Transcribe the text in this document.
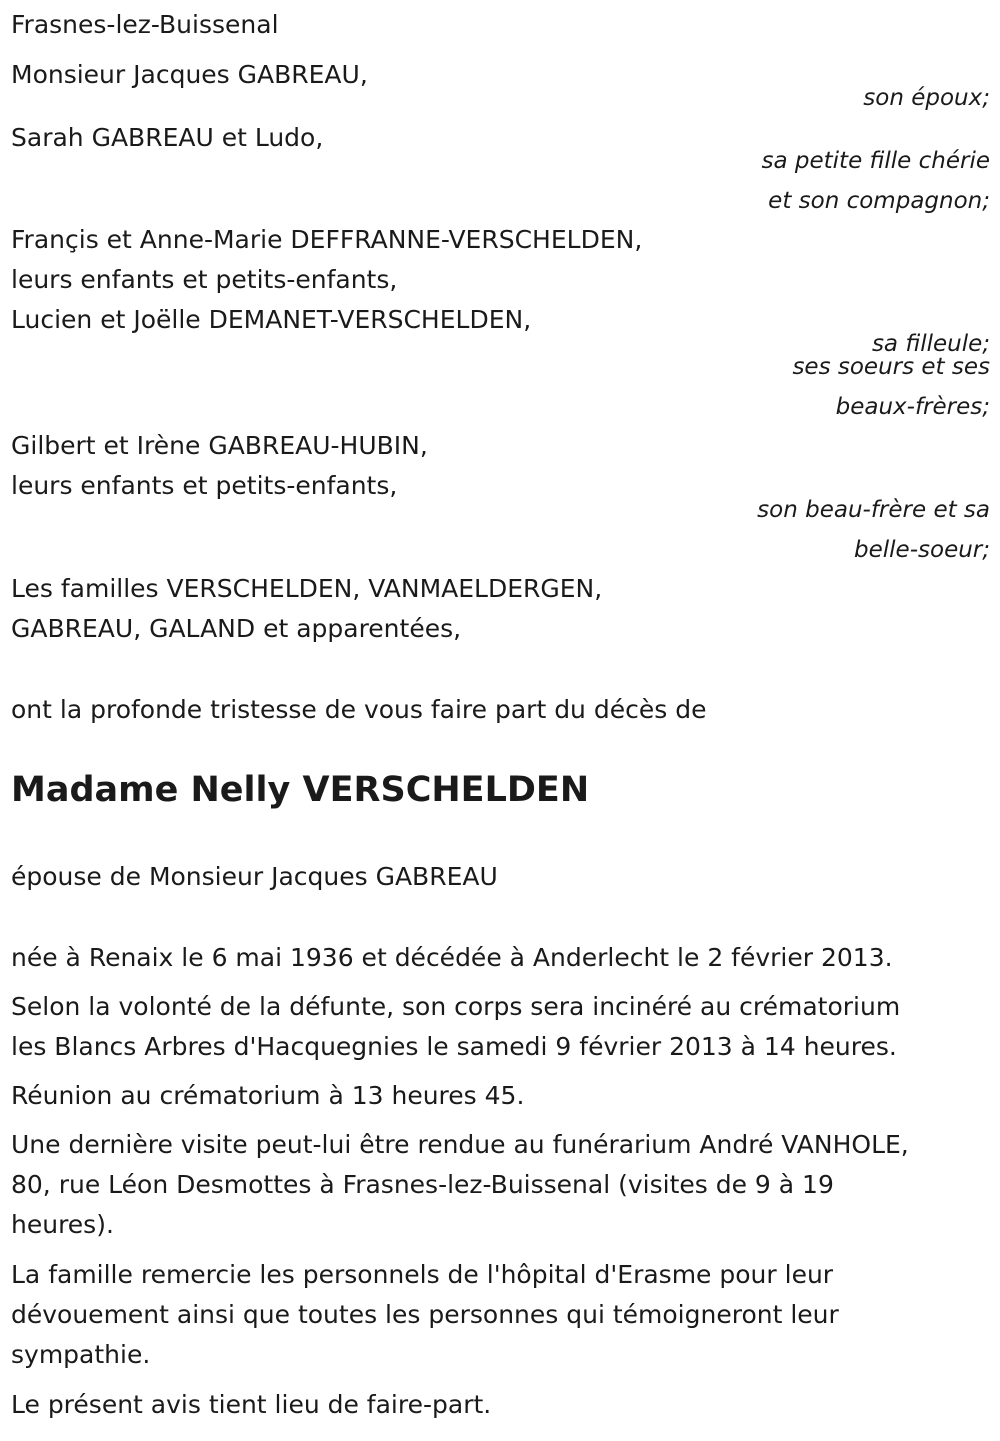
Frasnes-lez-Buissenal
Monsieur Jacques GABREAU,
son époux;
Sarah GABREAU et Ludo,
sa petite fille chérie
et son compagnon;
Françis et Anne-Marie DEFFRANNE-VERSCHELDEN,
leurs enfants et petits-enfants,
Lucien et Joëlle DEMANET-VERSCHELDEN,
sa filleule;
ses soeurs et ses
beaux-frères;
Gilbert et Irène GABREAU-HUBIN,
leurs enfants et petits-enfants,
son beau-frère et sa
belle-soeur;
Les familles VERSCHELDEN, VANMAELDERGEN,
GABREAU, GALAND et apparentées,
ont la profonde tristesse de vous faire part du décès de
Madame Nelly VERSCHELDEN
épouse de Monsieur Jacques GABREAU
née à Renaix le 6 mai 1936 et décédée à Anderlecht le 2 février 2013.
Selon la volonté de la défunte, son corps sera incinéré au crématorium
les Blancs Arbres d'Hacquegnies le samedi 9 février 2013 à 14 heures.
Réunion au crématorium à 13 heures 45.
Une dernière visite peut-lui être rendue au funérarium André VANHOLE,
80, rue Léon Desmottes à Frasnes-lez-Buissenal (visites de 9 à 19
heures).
La famille remercie les personnels de l'hôpital d'Erasme pour leur
dévouement ainsi que toutes les personnes qui témoigneront leur
sympathie.
Le présent avis tient lieu de faire-part.
